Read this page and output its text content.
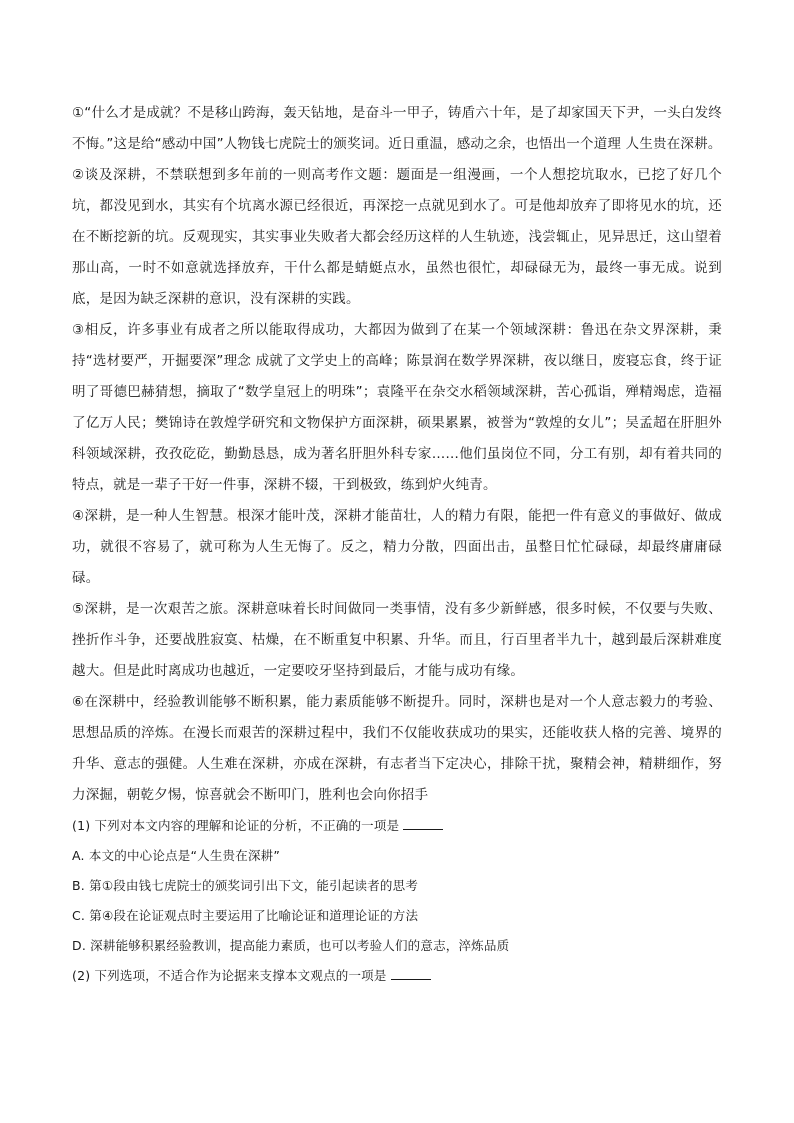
①“什么才是成就？不是移山跨海，轰天钻地，是奋斗一甲子，铸盾六十年，是了却家国天下尹，一头白发终不悔。”这是给“感动中国”人物钱七虎院士的颁奖词。近日重温，感动之余，也悟出一个道理 人生贵在深耕。

②谈及深耕，不禁联想到多年前的一则高考作文题：题面是一组漫画，一个人想挖坑取水，已挖了好几个坑，都没见到水，其实有个坑离水源已经很近，再深挖一点就见到水了。可是他却放弃了即将见水的坑，还在不断挖新的坑。反观现实，其实事业失败者大都会经历这样的人生轨迹，浅尝辄止，见异思迁，这山望着那山高，一时不如意就选择放弃，干什么都是蜻蜓点水，虽然也很忙，却碌碌无为，最终一事无成。说到底，是因为缺乏深耕的意识，没有深耕的实践。

③相反，许多事业有成者之所以能取得成功，大都因为做到了在某一个领域深耕：鲁迅在杂文界深耕，秉持“选材要严，开掘要深”理念 成就了文学史上的高峰；陈景润在数学界深耕，夜以继日，废寝忘食，终于证明了哥德巴赫猜想，摘取了“数学皇冠上的明珠”；袁隆平在杂交水稻领域深耕，苦心孤诣，殚精竭虑，造福了亿万人民；樊锦诗在敦煌学研究和文物保护方面深耕，硕果累累，被誉为“敦煌的女儿”；吴孟超在肝胆外科领域深耕，孜孜矻矻，勤勤恳恳，成为著名肝胆外科专家……他们虽岗位不同，分工有别，却有着共同的特点，就是一辈子干好一件事，深耕不辍，干到极致，练到炉火纯青。

④深耕，是一种人生智慧。根深才能叶茂，深耕才能苗壮，人的精力有限，能把一件有意义的事做好、做成功，就很不容易了，就可称为人生无悔了。反之，精力分散，四面出击，虽整日忙忙碌碌，却最终庸庸碌碌。

⑤深耕，是一次艰苦之旅。深耕意味着长时间做同一类事情，没有多少新鲜感，很多时候，不仅要与失败、挫折作斗争，还要战胜寂寞、枯燥，在不断重复中积累、升华。而且，行百里者半九十，越到最后深耕难度越大。但是此时离成功也越近，一定要咬牙坚持到最后，才能与成功有缘。

⑥在深耕中，经验教训能够不断积累，能力素质能够不断提升。同时，深耕也是对一个人意志毅力的考验、思想品质的淬炼。在漫长而艰苦的深耕过程中，我们不仅能收获成功的果实，还能收获人格的完善、境界的升华、意志的强健。人生难在深耕，亦成在深耕，有志者当下定决心，排除干扰，聚精会神，精耕细作，努力深掘，朝乾夕惕，惊喜就会不断叩门，胜利也会向你招手

(1) 下列对本文内容的理解和论证的分析，不正确的一项是

A. 本文的中心论点是“人生贵在深耕”

B. 第①段由钱七虎院士的颁奖词引出下文，能引起读者的思考

C. 第④段在论证观点时主要运用了比喻论证和道理论证的方法

D. 深耕能够积累经验教训，提高能力素质，也可以考验人们的意志，淬炼品质

(2) 下列选项，不适合作为论据来支撑本文观点的一项是
